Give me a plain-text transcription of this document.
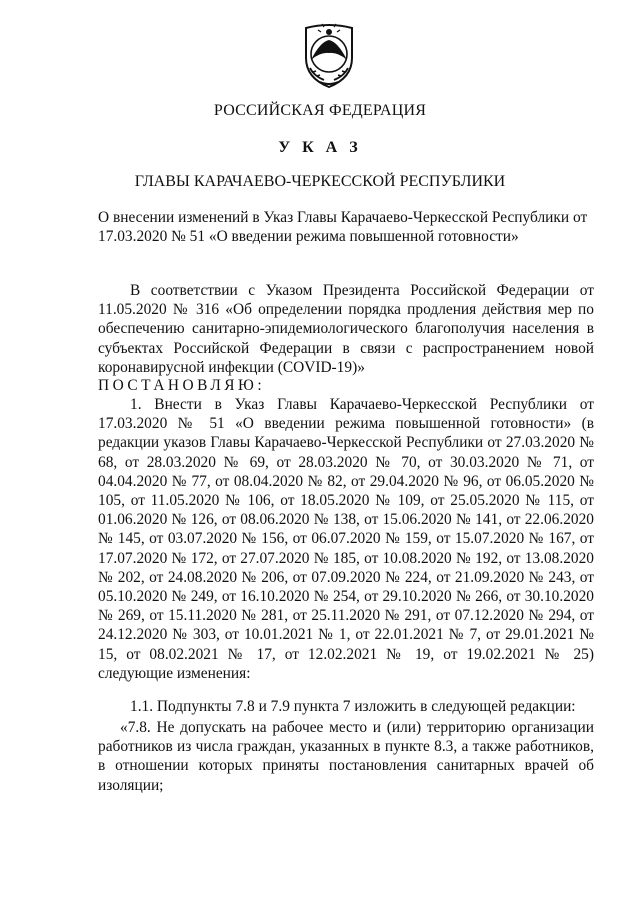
РОССИЙСКАЯ ФЕДЕРАЦИЯ
У К А З
ГЛАВЫ КАРАЧАЕВО-ЧЕРКЕССКОЙ РЕСПУБЛИКИ
О внесении изменений в Указ Главы Карачаево-Черкесской Республики от 17.03.2020 № 51 «О введении режима повышенной готовности»
В соответствии с Указом Президента Российской Федерации от 11.05.2020 № 316 «Об определении порядка продления действия мер по обеспечению санитарно-эпидемиологического благополучия населения в субъектах Российской Федерации в связи с распространением новой коронавирусной инфекции (COVID-19)»
ПОСТАНОВЛЯЮ:
1. Внести в Указ Главы Карачаево-Черкесской Республики от 17.03.2020 № 51 «О введении режима повышенной готовности» (в редакции указов Главы Карачаево-Черкесской Республики от 27.03.2020 № 68, от 28.03.2020 № 69, от 28.03.2020 № 70, от 30.03.2020 № 71, от 04.04.2020 № 77, от 08.04.2020 № 82, от 29.04.2020 № 96, от 06.05.2020 № 105, от 11.05.2020 № 106, от 18.05.2020 № 109, от 25.05.2020 № 115, от 01.06.2020 № 126, от 08.06.2020 № 138, от 15.06.2020 № 141, от 22.06.2020 № 145, от 03.07.2020 № 156, от 06.07.2020 № 159, от 15.07.2020 № 167, от 17.07.2020 № 172, от 27.07.2020 № 185, от 10.08.2020 № 192, от 13.08.2020 № 202, от 24.08.2020 № 206, от 07.09.2020 № 224, от 21.09.2020 № 243, от 05.10.2020 № 249, от 16.10.2020 № 254, от 29.10.2020 № 266, от 30.10.2020 № 269, от 15.11.2020 № 281, от 25.11.2020 № 291, от 07.12.2020 № 294, от 24.12.2020 № 303, от 10.01.2021 № 1, от 22.01.2021 № 7, от 29.01.2021 № 15, от 08.02.2021 № 17, от 12.02.2021 № 19, от 19.02.2021 № 25) следующие изменения:
1.1. Подпункты 7.8 и 7.9 пункта 7 изложить в следующей редакции:
«7.8. Не допускать на рабочее место и (или) территорию организации работников из числа граждан, указанных в пункте 8.3, а также работников, в отношении которых приняты постановления санитарных врачей об изоляции;
